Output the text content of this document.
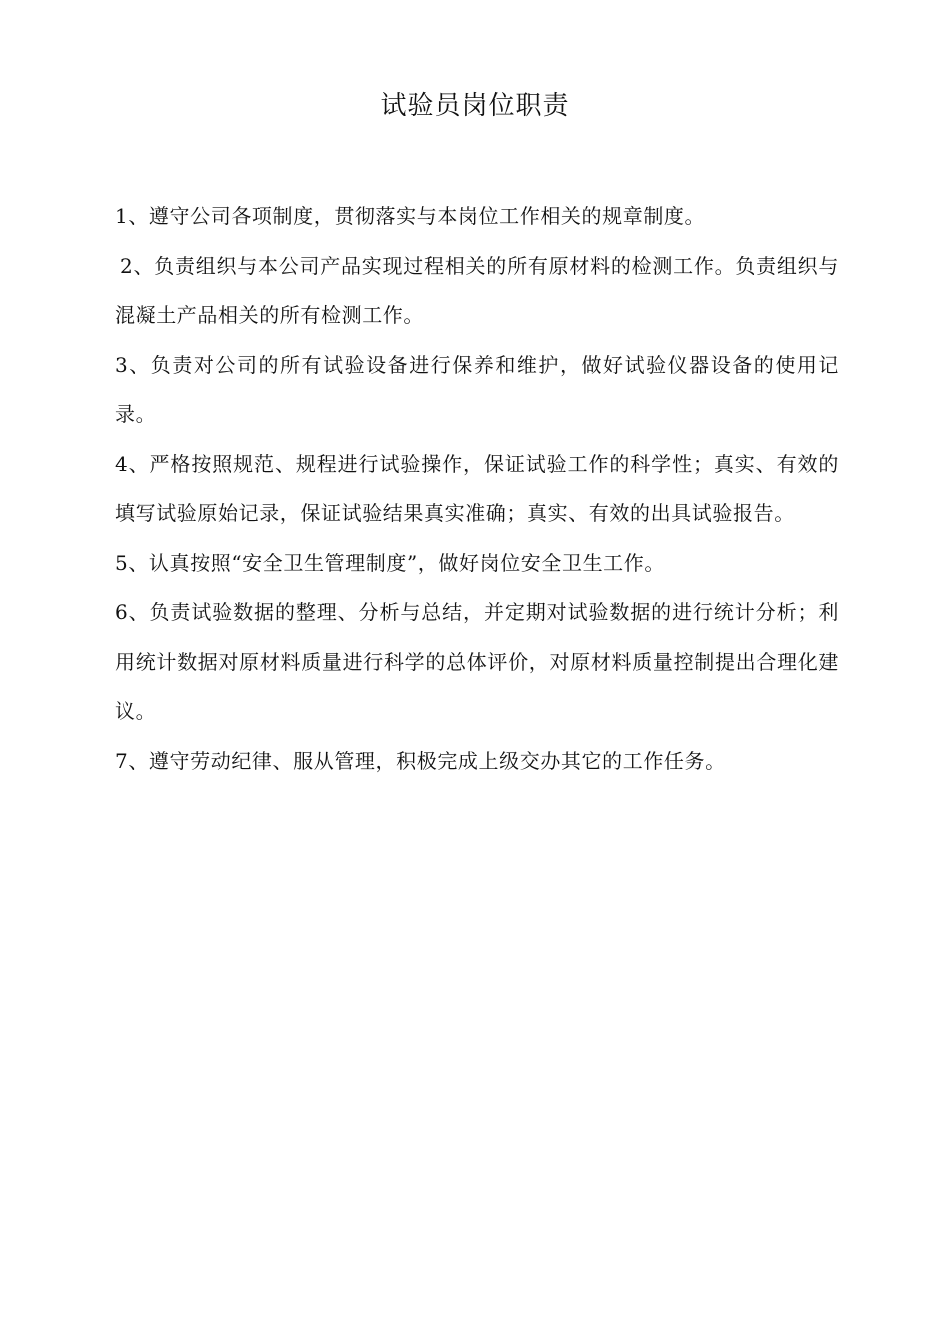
试验员岗位职责
1、遵守公司各项制度，贯彻落实与本岗位工作相关的规章制度。
2、负责组织与本公司产品实现过程相关的所有原材料的检测工作。负责组织与混凝土产品相关的所有检测工作。
3、负责对公司的所有试验设备进行保养和维护，做好试验仪器设备的使用记录。
4、严格按照规范、规程进行试验操作，保证试验工作的科学性；真实、有效的填写试验原始记录，保证试验结果真实准确；真实、有效的出具试验报告。
5、认真按照“安全卫生管理制度”，做好岗位安全卫生工作。
6、负责试验数据的整理、分析与总结，并定期对试验数据的进行统计分析；利用统计数据对原材料质量进行科学的总体评价，对原材料质量控制提出合理化建议。
7、遵守劳动纪律、服从管理，积极完成上级交办其它的工作任务。
